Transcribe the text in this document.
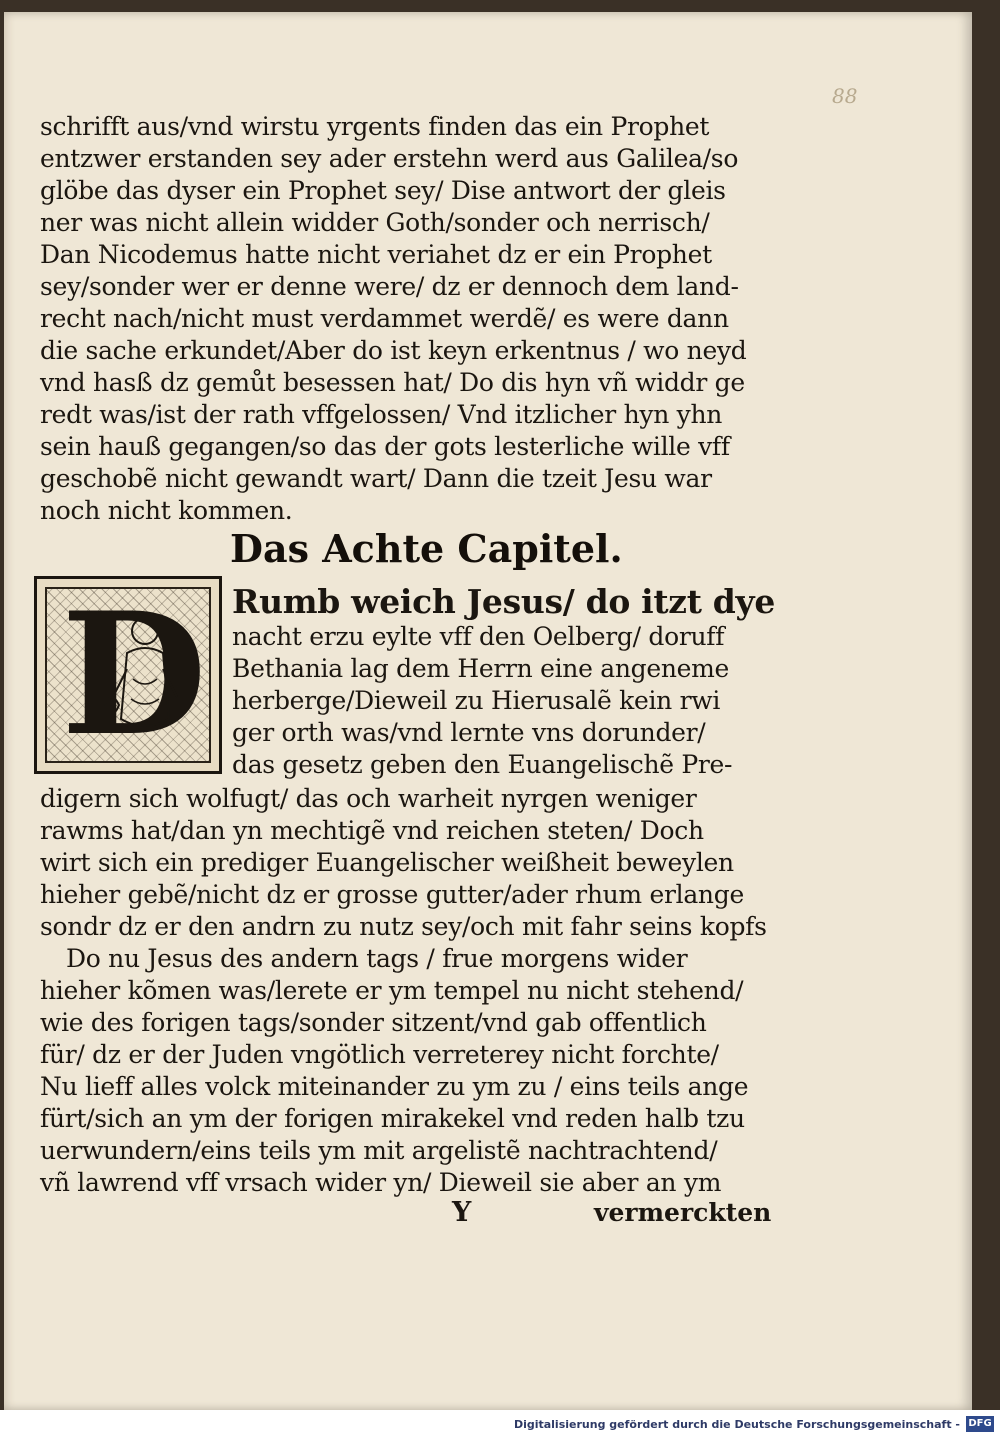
88
schrifft aus/vnd wirstu yrgents finden das ein Prophet
entzwer erstanden sey ader erstehn werd aus Galilea/so
glöbe das dyser ein Prophet sey/ Dise antwort der gleis
ner was nicht allein widder Goth/sonder och nerrisch/
Dan Nicodemus hatte nicht veriahet dz er ein Prophet
sey/sonder wer er denne were/ dz er dennoch dem land-
recht nach/nicht must verdammet werdẽ/ es were dann
die sache erkundet/Aber do ist keyn erkentnus / wo neyd
vnd hasß dz gemůt besessen hat/ Do dis hyn vñ widdr ge
redt was/ist der rath vffgelossen/ Vnd itzlicher hyn yhn
sein hauß gegangen/so das der gots lesterliche wille vff
geschobẽ nicht gewandt wart/ Dann die tzeit Jesu war
noch nicht kommen.
Das Achte Capitel.
D Rumb weich Jesus/ do itzt dye
nacht erzu eylte vff den Oelberg/ doruff
Bethania lag dem Herrn eine angeneme
herberge/Dieweil zu Hierusalẽ kein rwi
ger orth was/vnd lernte vns dorunder/
das gesetz geben den Euangelischẽ Pre-
digern sich wolfugt/ das och warheit nyrgen weniger
rawms hat/dan yn mechtigẽ vnd reichen steten/ Doch
wirt sich ein prediger Euangelischer weißheit beweylen
hieher gebẽ/nicht dz er grosse gutter/ader rhum erlange
sondr dz er den andrn zu nutz sey/och mit fahr seins kopfs
Do nu Jesus des andern tags / frue morgens wider
hieher kõmen was/lerete er ym tempel nu nicht stehend/
wie des forigen tags/sonder sitzent/vnd gab offentlich
für/ dz er der Juden vngötlich verreterey nicht forchte/
Nu lieff alles volck miteinander zu ym zu / eins teils ange
fürt/sich an ym der forigen mirakekel vnd reden halb tzu
uerwundern/eins teils ym mit argelistẽ nachtrachtend/
vñ lawrend vff vrsach wider yn/ Dieweil sie aber an ym
Y	vermerckten
Digitalisierung gefördert durch die Deutsche Forschungsgemeinschaft - DFG
